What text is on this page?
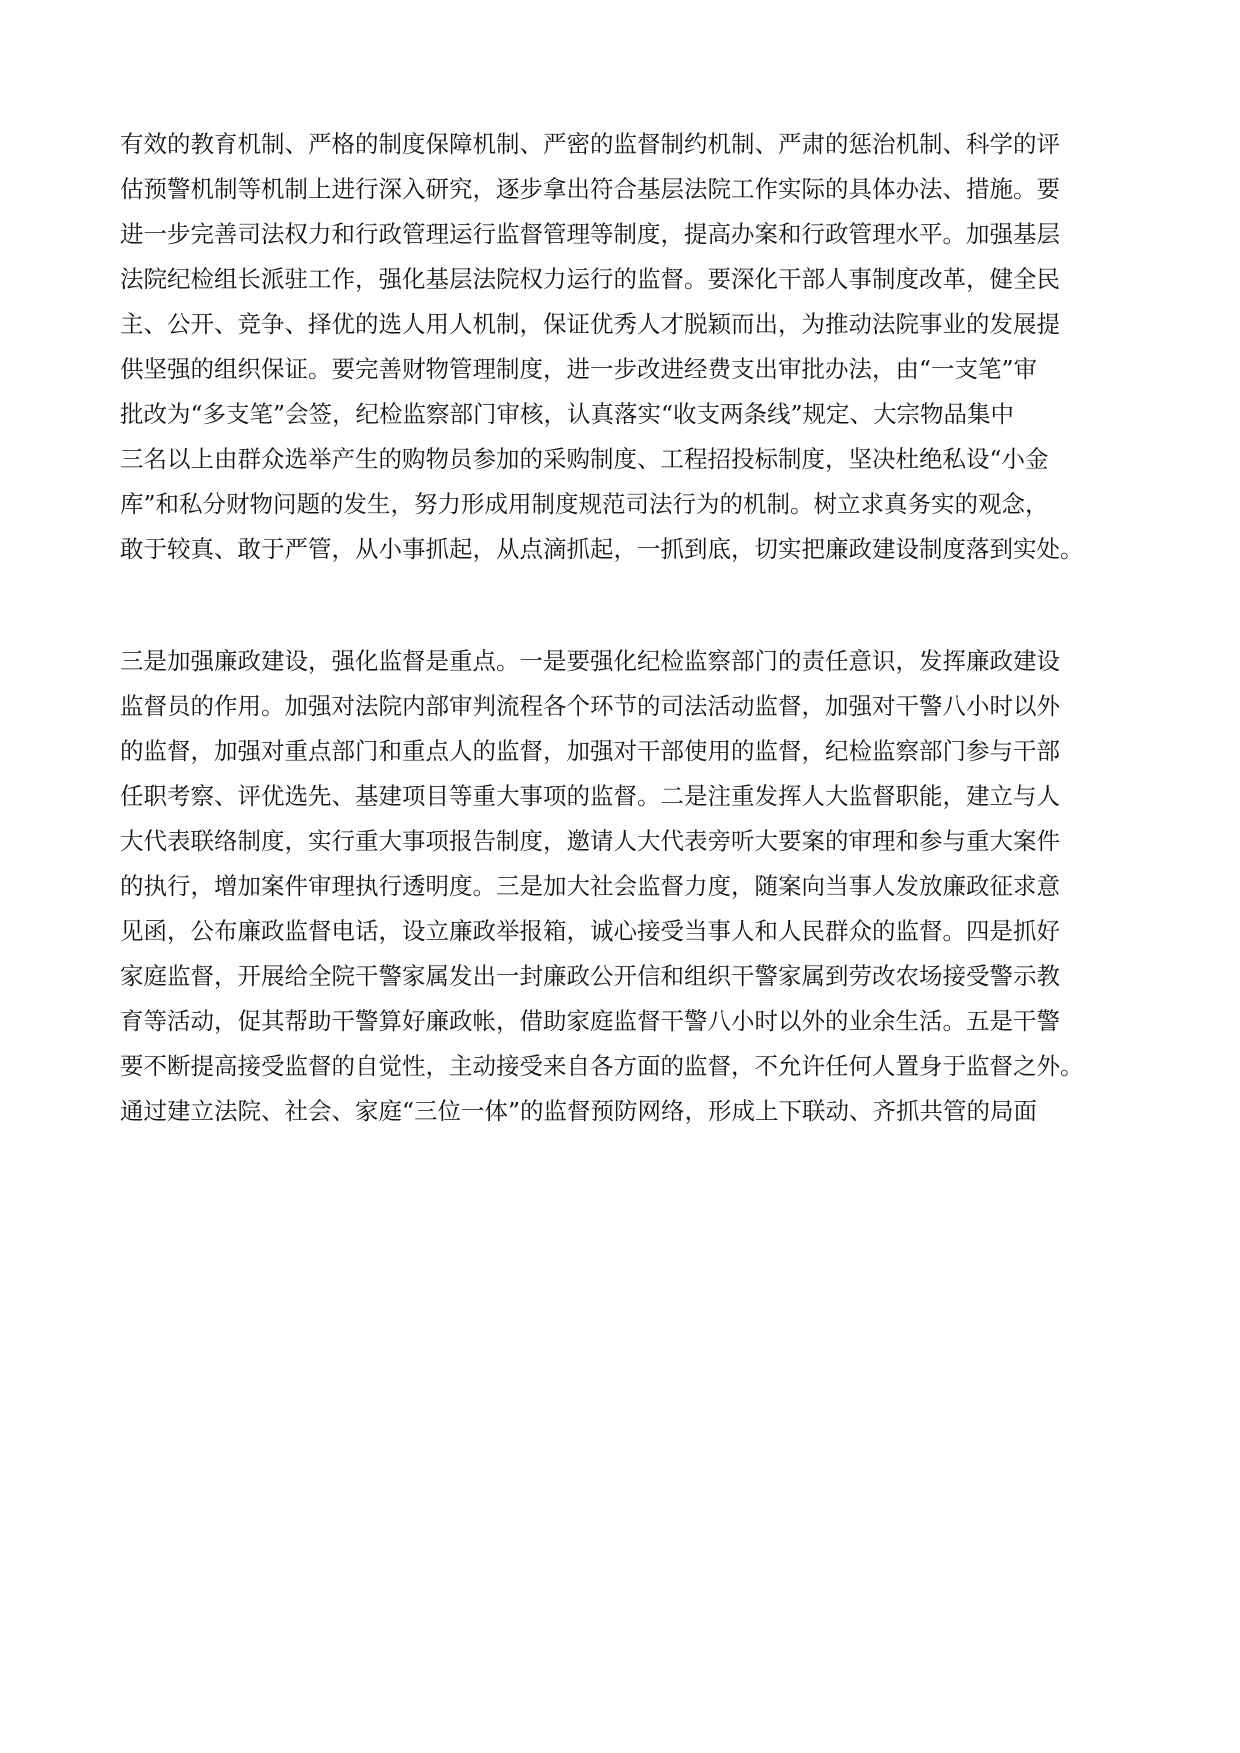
有效的教育机制、严格的制度保障机制、严密的监督制约机制、严肃的惩治机制、科学的评
估预警机制等机制上进行深入研究，逐步拿出符合基层法院工作实际的具体办法、措施。要
进一步完善司法权力和行政管理运行监督管理等制度，提高办案和行政管理水平。加强基层
法院纪检组长派驻工作，强化基层法院权力运行的监督。要深化干部人事制度改革，健全民
主、公开、竞争、择优的选人用人机制，保证优秀人才脱颖而出，为推动法院事业的发展提
供坚强的组织保证。要完善财物管理制度，进一步改进经费支出审批办法，由“一支笔”审
批改为“多支笔”会签，纪检监察部门审核，认真落实“收支两条线”规定、大宗物品集中
三名以上由群众选举产生的购物员参加的采购制度、工程招投标制度，坚决杜绝私设“小金
库”和私分财物问题的发生，努力形成用制度规范司法行为的机制。树立求真务实的观念，
敢于较真、敢于严管，从小事抓起，从点滴抓起，一抓到底，切实把廉政建设制度落到实处。
三是加强廉政建设，强化监督是重点。一是要强化纪检监察部门的责任意识，发挥廉政建设
监督员的作用。加强对法院内部审判流程各个环节的司法活动监督，加强对干警八小时以外
的监督，加强对重点部门和重点人的监督，加强对干部使用的监督，纪检监察部门参与干部
任职考察、评优选先、基建项目等重大事项的监督。二是注重发挥人大监督职能，建立与人
大代表联络制度，实行重大事项报告制度，邀请人大代表旁听大要案的审理和参与重大案件
的执行，增加案件审理执行透明度。三是加大社会监督力度，随案向当事人发放廉政征求意
见函，公布廉政监督电话，设立廉政举报箱，诚心接受当事人和人民群众的监督。四是抓好
家庭监督，开展给全院干警家属发出一封廉政公开信和组织干警家属到劳改农场接受警示教
育等活动，促其帮助干警算好廉政帐，借助家庭监督干警八小时以外的业余生活。五是干警
要不断提高接受监督的自觉性，主动接受来自各方面的监督，不允许任何人置身于监督之外。
通过建立法院、社会、家庭“三位一体”的监督预防网络，形成上下联动、齐抓共管的局面
